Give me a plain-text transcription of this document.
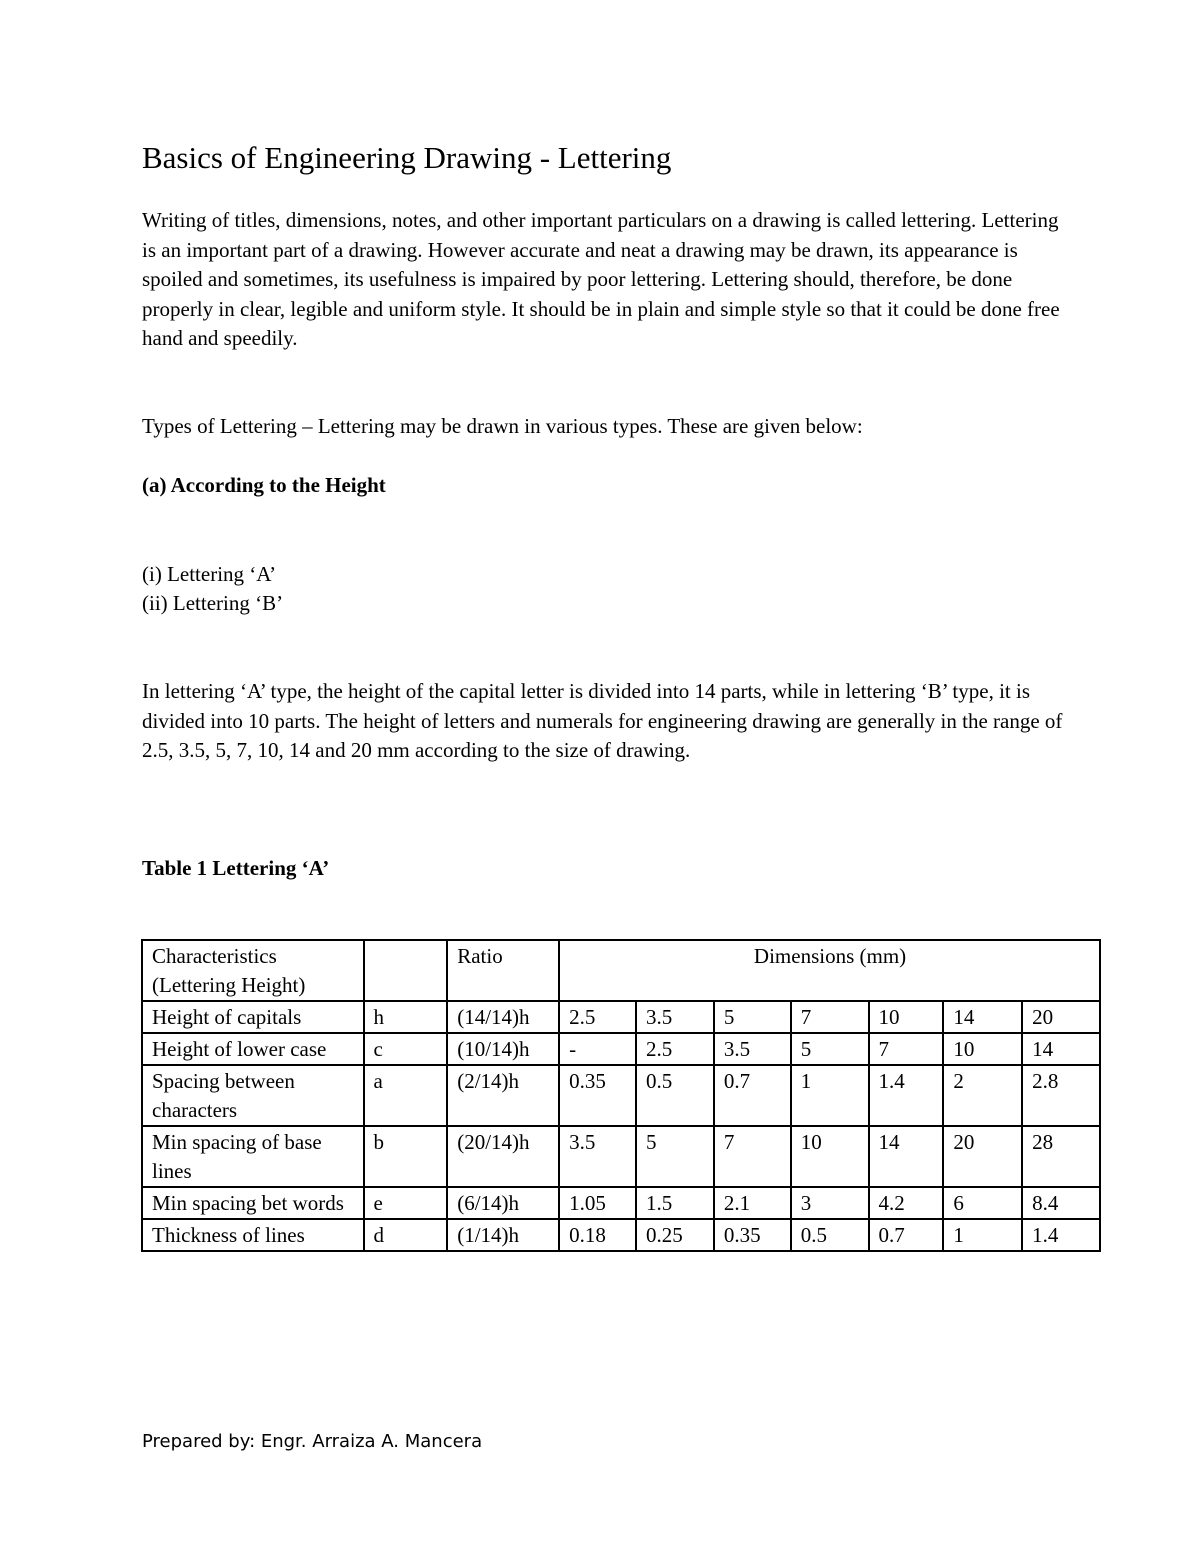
Basics of Engineering Drawing - Lettering
Writing of titles, dimensions, notes, and other important particulars on a drawing is called lettering. Lettering is an important part of a drawing. However accurate and neat a drawing may be drawn, its appearance is spoiled and sometimes, its usefulness is impaired by poor lettering. Lettering should, therefore, be done properly in clear, legible and uniform style. It should be in plain and simple style so that it could be done free hand and speedily.
Types of Lettering – Lettering may be drawn in various types. These are given below:
(a) According to the Height
(i) Lettering ‘A’
(ii) Lettering ‘B’
In lettering ‘A’ type, the height of the capital letter is divided into 14 parts, while in lettering ‘B’ type, it is divided into 10 parts. The height of letters and numerals for engineering drawing are generally in the range of 2.5, 3.5, 5, 7, 10, 14 and 20 mm according to the size of drawing.
Table 1 Lettering ‘A’
Characteristics (Lettering Height)		Ratio	Dimensions (mm)						
Height of capitals	h	(14/14)h	2.5	3.5	5	7	10	14	20
Height of lower case	c	(10/14)h	-	2.5	3.5	5	7	10	14
Spacing between characters	a	(2/14)h	0.35	0.5	0.7	1	1.4	2	2.8
Min spacing of base lines	b	(20/14)h	3.5	5	7	10	14	20	28
Min spacing bet words	e	(6/14)h	1.05	1.5	2.1	3	4.2	6	8.4
Thickness of lines	d	(1/14)h	0.18	0.25	0.35	0.5	0.7	1	1.4
Prepared by: Engr. Arraiza A. Mancera
